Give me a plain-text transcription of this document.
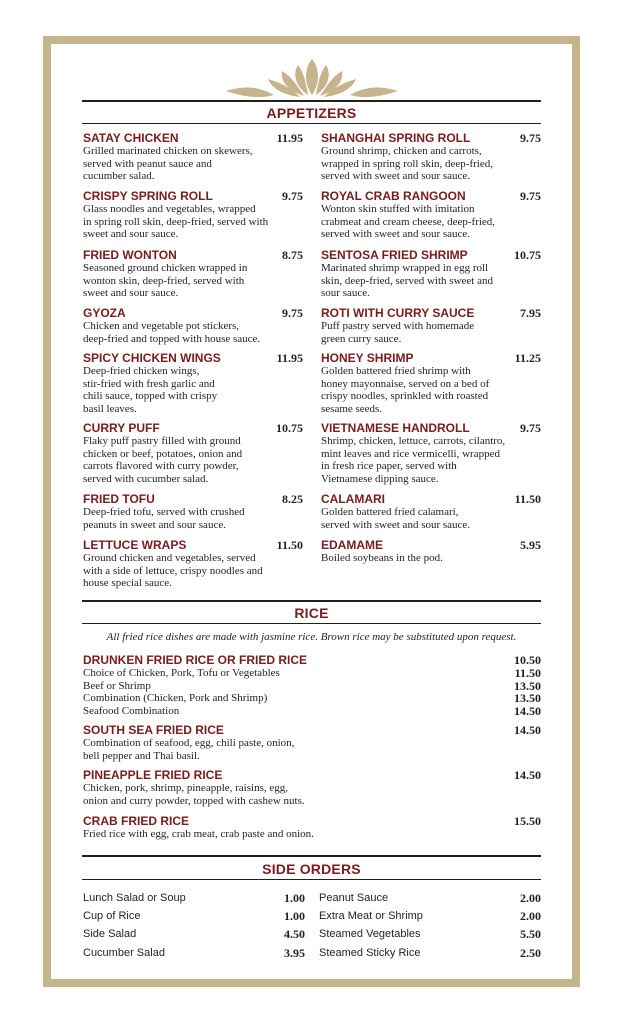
APPETIZERS
SATAY CHICKEN	11.95
Grilled marinated chicken on skewers,
served with peanut sauce and
cucumber salad.
CRISPY SPRING ROLL	9.75
Glass noodles and vegetables, wrapped
in spring roll skin, deep-fried, served with
sweet and sour sauce.
FRIED WONTON	8.75
Seasoned ground chicken wrapped in
wonton skin, deep-fried, served with
sweet and sour sauce.
GYOZA	9.75
Chicken and vegetable pot stickers,
deep-fried and topped with house sauce.
SPICY CHICKEN WINGS	11.95
Deep-fried chicken wings,
stir-fried with fresh garlic and
chili sauce, topped with crispy
basil leaves.
CURRY PUFF	10.75
Flaky puff pastry filled with ground
chicken or beef, potatoes, onion and
carrots flavored with curry powder,
served with cucumber salad.
FRIED TOFU	8.25
Deep-fried tofu, served with crushed
peanuts in sweet and sour sauce.
LETTUCE WRAPS	11.50
Ground chicken and vegetables, served
with a side of lettuce, crispy noodles and
house special sauce.
SHANGHAI SPRING ROLL	9.75
Ground shrimp, chicken and carrots,
wrapped in spring roll skin, deep-fried,
served with sweet and sour sauce.
ROYAL CRAB RANGOON	9.75
Wonton skin stuffed with imitation
crabmeat and cream cheese, deep-fried,
served with sweet and sour sauce.
SENTOSA FRIED SHRIMP	10.75
Marinated shrimp wrapped in egg roll
skin, deep-fried, served with sweet and
sour sauce.
ROTI WITH CURRY SAUCE	7.95
Puff pastry served with homemade
green curry sauce.
HONEY SHRIMP	11.25
Golden battered fried shrimp with
honey mayonnaise, served on a bed of
crispy noodles, sprinkled with roasted
sesame seeds.
VIETNAMESE HANDROLL	9.75
Shrimp, chicken, lettuce, carrots, cilantro,
mint leaves and rice vermicelli, wrapped
in fresh rice paper, served with
Vietnamese dipping sauce.
CALAMARI	11.50
Golden battered fried calamari,
served with sweet and sour sauce.
EDAMAME	5.95
Boiled soybeans in the pod.
RICE
All fried rice dishes are made with jasmine rice. Brown rice may be substituted upon request.
DRUNKEN FRIED RICE OR FRIED RICE	10.50
Choice of Chicken, Pork, Tofu or Vegetables	11.50
Beef or Shrimp	13.50
Combination (Chicken, Pork and Shrimp)	13.50
Seafood Combination	14.50
SOUTH SEA FRIED RICE	14.50
Combination of seafood, egg, chili paste, onion,
bell pepper and Thai basil.
PINEAPPLE FRIED RICE	14.50
Chicken, pork, shrimp, pineapple, raisins, egg,
onion and curry powder, topped with cashew nuts.
CRAB FRIED RICE	15.50
Fried rice with egg, crab meat, crab paste and onion.
SIDE ORDERS
Lunch Salad or Soup	1.00
Cup of Rice	1.00
Side Salad	4.50
Cucumber Salad	3.95
Peanut Sauce	2.00
Extra Meat or Shrimp	2.00
Steamed Vegetables	5.50
Steamed Sticky Rice	2.50
